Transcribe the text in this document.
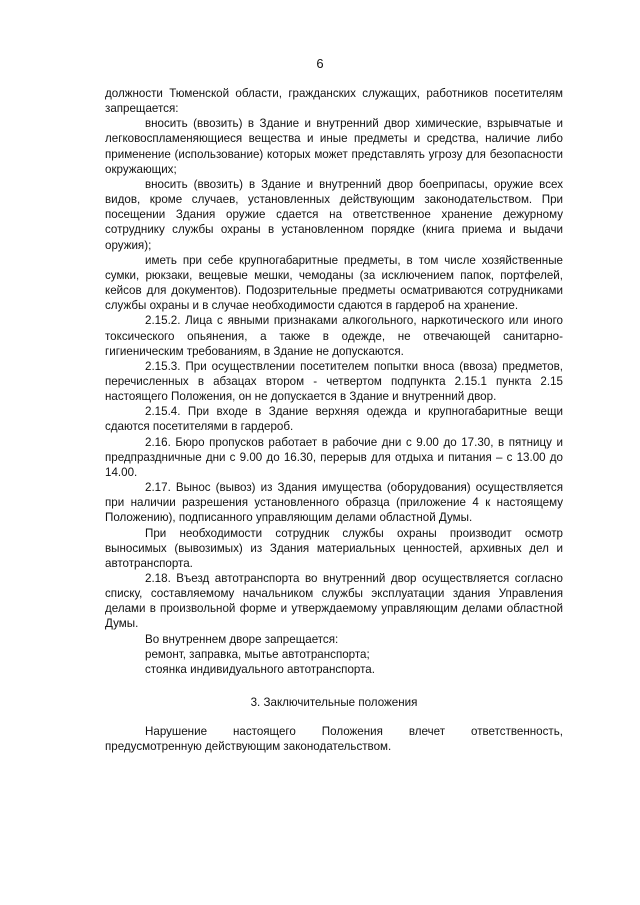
6

должности Тюменской области, гражданских служащих, работников посетителям запрещается:

вносить (ввозить) в Здание и внутренний двор химические, взрывчатые и легковоспламеняющиеся вещества и иные предметы и средства, наличие либо применение (использование) которых может представлять угрозу для безопасности окружающих;

вносить (ввозить) в Здание и внутренний двор боеприпасы, оружие всех видов, кроме случаев, установленных действующим законодательством. При посещении Здания оружие сдается на ответственное хранение дежурному сотруднику службы охраны в установленном порядке (книга приема и выдачи оружия);

иметь при себе крупногабаритные предметы, в том числе хозяйственные сумки, рюкзаки, вещевые мешки, чемоданы (за исключением папок, портфелей, кейсов для документов). Подозрительные предметы осматриваются сотрудниками службы охраны и в случае необходимости сдаются в гардероб на хранение.

2.15.2. Лица с явными признаками алкогольного, наркотического или иного токсического опьянения, а также в одежде, не отвечающей санитарно-гигиеническим требованиям, в Здание не допускаются.

2.15.3. При осуществлении посетителем попытки вноса (ввоза) предметов, перечисленных в абзацах втором - четвертом подпункта 2.15.1 пункта 2.15 настоящего Положения, он не допускается в Здание и внутренний двор.

2.15.4. При входе в Здание верхняя одежда и крупногабаритные вещи сдаются посетителями в гардероб.

2.16. Бюро пропусков работает в рабочие дни с 9.00 до 17.30, в пятницу и предпраздничные дни с 9.00 до 16.30, перерыв для отдыха и питания – с 13.00 до 14.00.

2.17. Вынос (вывоз) из Здания имущества (оборудования) осуществляется при наличии разрешения установленного образца (приложение 4 к настоящему Положению), подписанного управляющим делами областной Думы.

При необходимости сотрудник службы охраны производит осмотр выносимых (вывозимых) из Здания материальных ценностей, архивных дел и автотранспорта.

2.18. Въезд автотранспорта во внутренний двор осуществляется согласно списку, составляемому начальником службы эксплуатации здания Управления делами в произвольной форме и утверждаемому управляющим делами областной Думы.

Во внутреннем дворе запрещается:

ремонт, заправка, мытье автотранспорта;

стоянка индивидуального автотранспорта.

3. Заключительные положения

Нарушение настоящего Положения влечет ответственность, предусмотренную действующим законодательством.
